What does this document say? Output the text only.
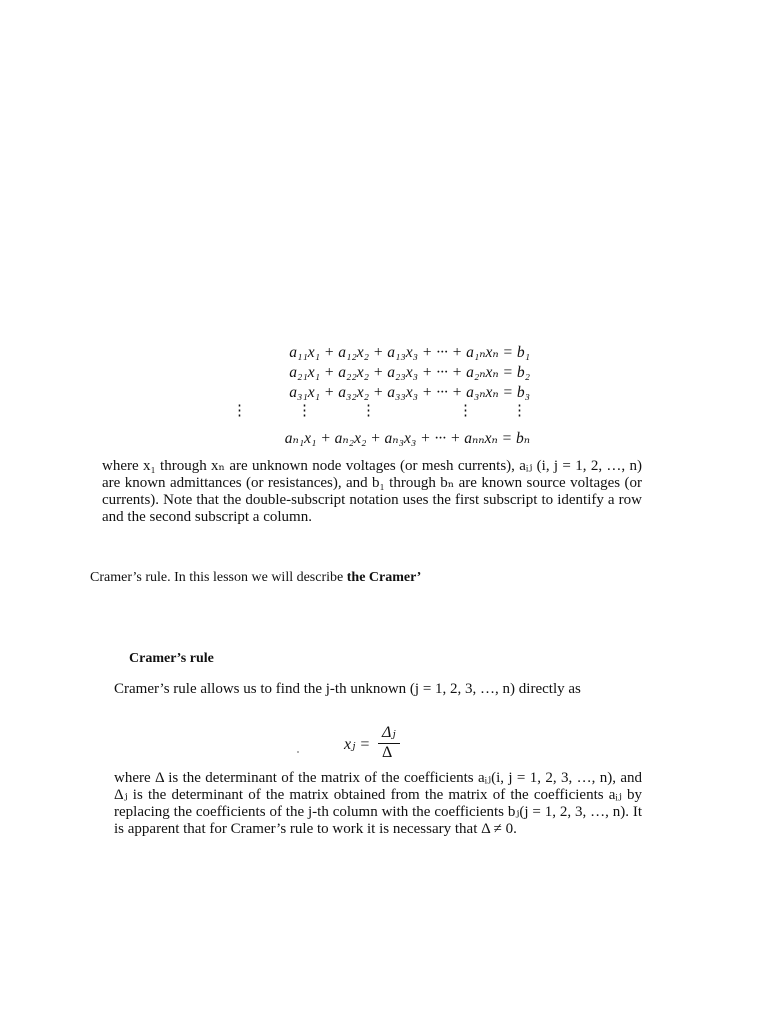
a₁₁x₁ + a₁₂x₂ + a₁₃x₃ + ··· + a₁ₙxₙ = b₁
a₂₁x₁ + a₂₂x₂ + a₂₃x₃ + ··· + a₂ₙxₙ = b₂
a₃₁x₁ + a₃₂x₂ + a₃₃x₃ + ··· + a₃ₙxₙ = b₃
⋮	⋮	⋮	⋮	⋮
aₙ₁x₁ + aₙ₂x₂ + aₙ₃x₃ + ··· + aₙₙxₙ = bₙ
where x₁ through xₙ are unknown node voltages (or mesh currents), aᵢⱼ (i, j = 1, 2, …, n) are known admittances (or resistances), and b₁ through bₙ are known source voltages (or currents). Note that the double-subscript notation uses the first subscript to identify a row and the second subscript a column.
Cramer’s rule. In this lesson we will describe the Cramer’
Cramer’s rule
Cramer’s rule allows us to find the j-th unknown (j = 1, 2, 3, …, n) directly as
xⱼ =
Δⱼ
Δ
where Δ is the determinant of the matrix of the coefficients aᵢⱼ(i, j = 1, 2, 3, …, n), and Δⱼ is the determinant of the matrix obtained from the matrix of the coefficients aᵢⱼ by replacing the coefficients of the j-th column with the coefficients bⱼ(j = 1, 2, 3, …, n). It is apparent that for Cramer’s rule to work it is necessary that Δ ≠ 0.
